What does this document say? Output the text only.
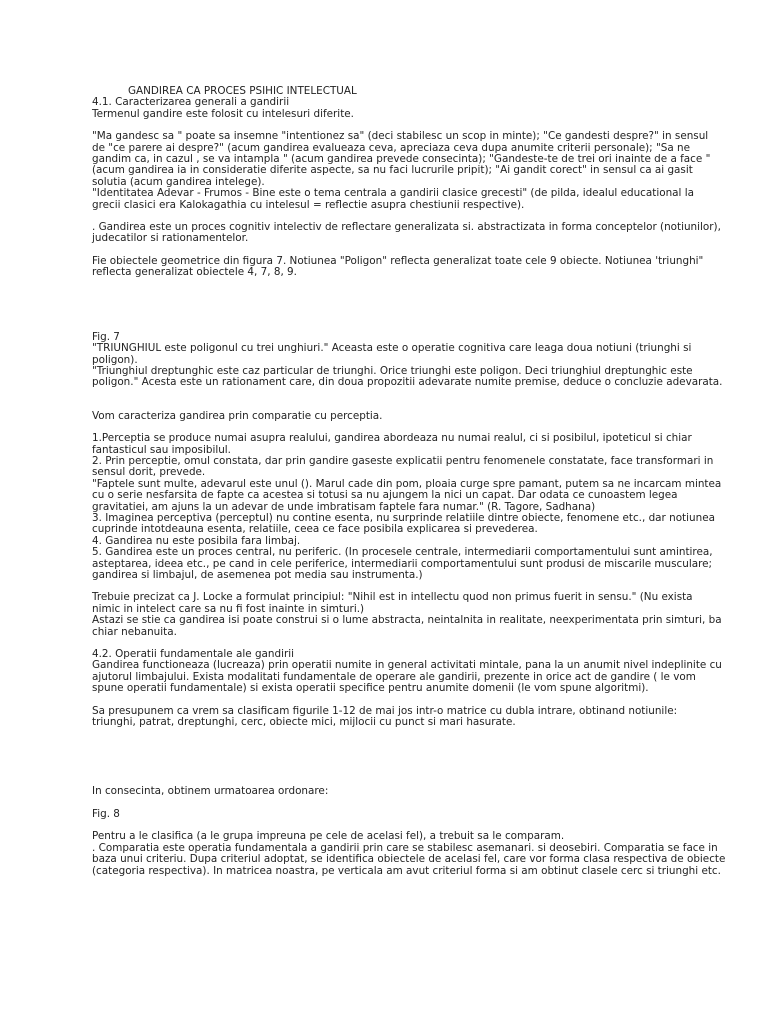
GANDIREA CA PROCES PSIHIC INTELECTUAL
4.1. Caracterizarea generali a gandirii
Termenul gandire este folosit cu intelesuri diferite.
"Ma gandesc sa " poate sa insemne "intentionez sa" (deci stabilesc un scop in minte); "Ce gandesti despre?" in sensul
de "ce parere ai despre?" (acum gandirea evalueaza ceva, apreciaza ceva dupa anumite criterii personale); "Sa ne
gandim ca, in cazul , se va intampla " (acum gandirea prevede consecinta); "Gandeste-te de trei ori inainte de a face "
(acum gandirea ia in consideratie diferite aspecte, sa nu faci lucrurile pripit); "Ai gandit corect" in sensul ca ai gasit
solutia (acum gandirea intelege).
"Identitatea Adevar - Frumos - Bine este o tema centrala a gandirii clasice grecesti" (de pilda, idealul educational la
grecii clasici era Kalokagathia cu intelesul = reflectie asupra chestiunii respective).
. Gandirea este un proces cognitiv intelectiv de reflectare generalizata si. abstractizata in forma conceptelor (notiunilor),
judecatilor si rationamentelor.
Fie obiectele geometrice din figura 7. Notiunea "Poligon" reflecta generalizat toate cele 9 obiecte. Notiunea 'triunghi"
reflecta generalizat obiectele 4, 7, 8, 9.
Fig. 7
"TRIUNGHIUL este poligonul cu trei unghiuri." Aceasta este o operatie cognitiva care leaga doua notiuni (triunghi si
poligon).
"Triunghiul dreptunghic este caz particular de triunghi. Orice triunghi este poligon. Deci triunghiul dreptunghic este
poligon." Acesta este un rationament care, din doua propozitii adevarate numite premise, deduce o concluzie adevarata.
Vom caracteriza gandirea prin comparatie cu perceptia.
1.Perceptia se produce numai asupra realului, gandirea abordeaza nu numai realul, ci si posibilul, ipoteticul si chiar
fantasticul sau imposibilul.
2. Prin perceptie, omul constata, dar prin gandire gaseste explicatii pentru fenomenele constatate, face transformari in
sensul dorit, prevede.
"Faptele sunt multe, adevarul este unul (). Marul cade din pom, ploaia curge spre pamant, putem sa ne incarcam mintea
cu o serie nesfarsita de fapte ca acestea si totusi sa nu ajungem la nici un capat. Dar odata ce cunoastem legea
gravitatiei, am ajuns la un adevar de unde imbratisam faptele fara numar." (R. Tagore, Sadhana)
3. Imaginea perceptiva (perceptul) nu contine esenta, nu surprinde relatiile dintre obiecte, fenomene etc., dar notiunea
cuprinde intotdeauna esenta, relatiile, ceea ce face posibila explicarea si prevederea.
4. Gandirea nu este posibila fara limbaj.
5. Gandirea este un proces central, nu periferic. (In procesele centrale, intermediarii comportamentului sunt amintirea,
asteptarea, ideea etc., pe cand in cele periferice, intermediarii comportamentului sunt produsi de miscarile musculare;
gandirea si limbajul, de asemenea pot media sau instrumenta.)
Trebuie precizat ca J. Locke a formulat principiul: "Nihil est in intellectu quod non primus fuerit in sensu." (Nu exista
nimic in intelect care sa nu fi fost inainte in simturi.)
Astazi se stie ca gandirea isi poate construi si o lume abstracta, neintalnita in realitate, neexperimentata prin simturi, ba
chiar nebanuita.
4.2. Operatii fundamentale ale gandirii
Gandirea functioneaza (lucreaza) prin operatii numite in general activitati mintale, pana la un anumit nivel indeplinite cu
ajutorul limbajului. Exista modalitati fundamentale de operare ale gandirii, prezente in orice act de gandire ( le vom
spune operatii fundamentale) si exista operatii specifice pentru anumite domenii (le vom spune algoritmi).
Sa presupunem ca vrem sa clasificam figurile 1-12 de mai jos intr-o matrice cu dubla intrare, obtinand notiunile:
triunghi, patrat, dreptunghi, cerc, obiecte mici, mijlocii cu punct si mari hasurate.
In consecinta, obtinem urmatoarea ordonare:
Fig. 8
Pentru a le clasifica (a le grupa impreuna pe cele de acelasi fel), a trebuit sa le comparam.
. Comparatia este operatia fundamentala a gandirii prin care se stabilesc asemanari. si deosebiri. Comparatia se face in
baza unui criteriu. Dupa criteriul adoptat, se identifica obiectele de acelasi fel, care vor forma clasa respectiva de obiecte
(categoria respectiva). In matricea noastra, pe verticala am avut criteriul forma si am obtinut clasele cerc si triunghi etc.
